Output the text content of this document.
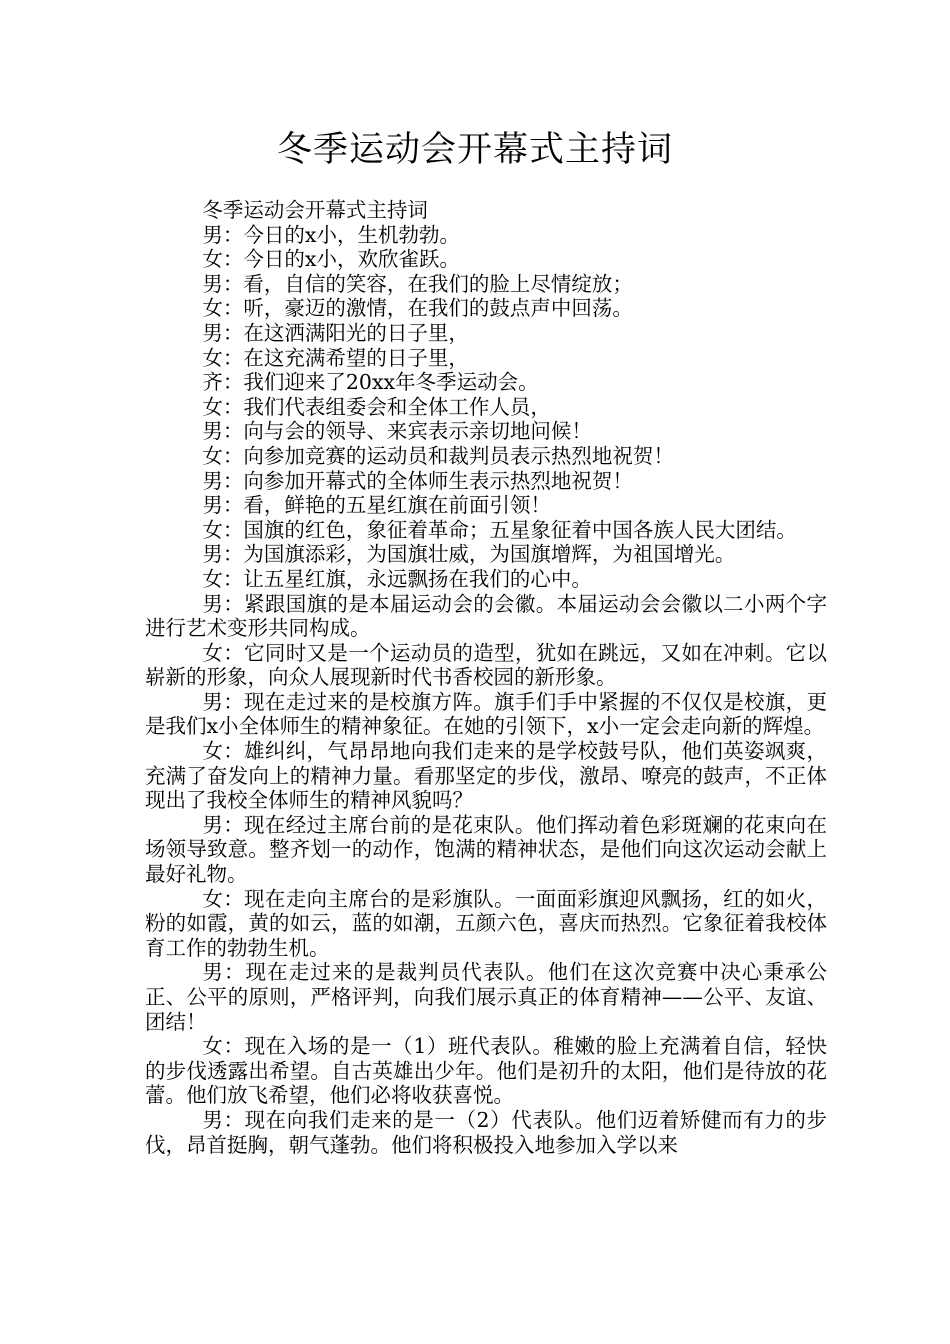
冬季运动会开幕式主持词

冬季运动会开幕式主持词

男：今日的x小，生机勃勃。

女：今日的x小，欢欣雀跃。

男：看，自信的笑容，在我们的脸上尽情绽放；

女：听，豪迈的激情，在我们的鼓点声中回荡。

男：在这洒满阳光的日子里，

女：在这充满希望的日子里，

齐：我们迎来了20xx年冬季运动会。

女：我们代表组委会和全体工作人员，

男：向与会的领导、来宾表示亲切地问候！

女：向参加竞赛的运动员和裁判员表示热烈地祝贺！

男：向参加开幕式的全体师生表示热烈地祝贺！

男：看，鲜艳的五星红旗在前面引领！

女：国旗的红色，象征着革命；五星象征着中国各族人民大团结。

男：为国旗添彩，为国旗壮威，为国旗增辉，为祖国增光。

女：让五星红旗，永远飘扬在我们的心中。

男：紧跟国旗的是本届运动会的会徽。本届运动会会徽以二小两个字进行艺术变形共同构成。

女：它同时又是一个运动员的造型，犹如在跳远，又如在冲刺。它以崭新的形象，向众人展现新时代书香校园的新形象。

男：现在走过来的是校旗方阵。旗手们手中紧握的不仅仅是校旗，更是我们x小全体师生的精神象征。在她的引领下，x小一定会走向新的辉煌。

女：雄纠纠，气昂昂地向我们走来的是学校鼓号队，他们英姿飒爽，充满了奋发向上的精神力量。看那坚定的步伐，激昂、嘹亮的鼓声，不正体现出了我校全体师生的精神风貌吗？

男：现在经过主席台前的是花束队。他们挥动着色彩斑斓的花束向在场领导致意。整齐划一的动作，饱满的精神状态，是他们向这次运动会献上最好礼物。

女：现在走向主席台的是彩旗队。一面面彩旗迎风飘扬，红的如火，粉的如霞，黄的如云，蓝的如潮，五颜六色，喜庆而热烈。它象征着我校体育工作的勃勃生机。

男：现在走过来的是裁判员代表队。他们在这次竞赛中决心秉承公正、公平的原则，严格评判，向我们展示真正的体育精神——公平、友谊、团结！

女：现在入场的是一（1）班代表队。稚嫩的脸上充满着自信，轻快的步伐透露出希望。自古英雄出少年。他们是初升的太阳，他们是待放的花蕾。他们放飞希望，他们必将收获喜悦。

男：现在向我们走来的是一（2）代表队。他们迈着矫健而有力的步伐，昂首挺胸，朝气蓬勃。他们将积极投入地参加入学以来
